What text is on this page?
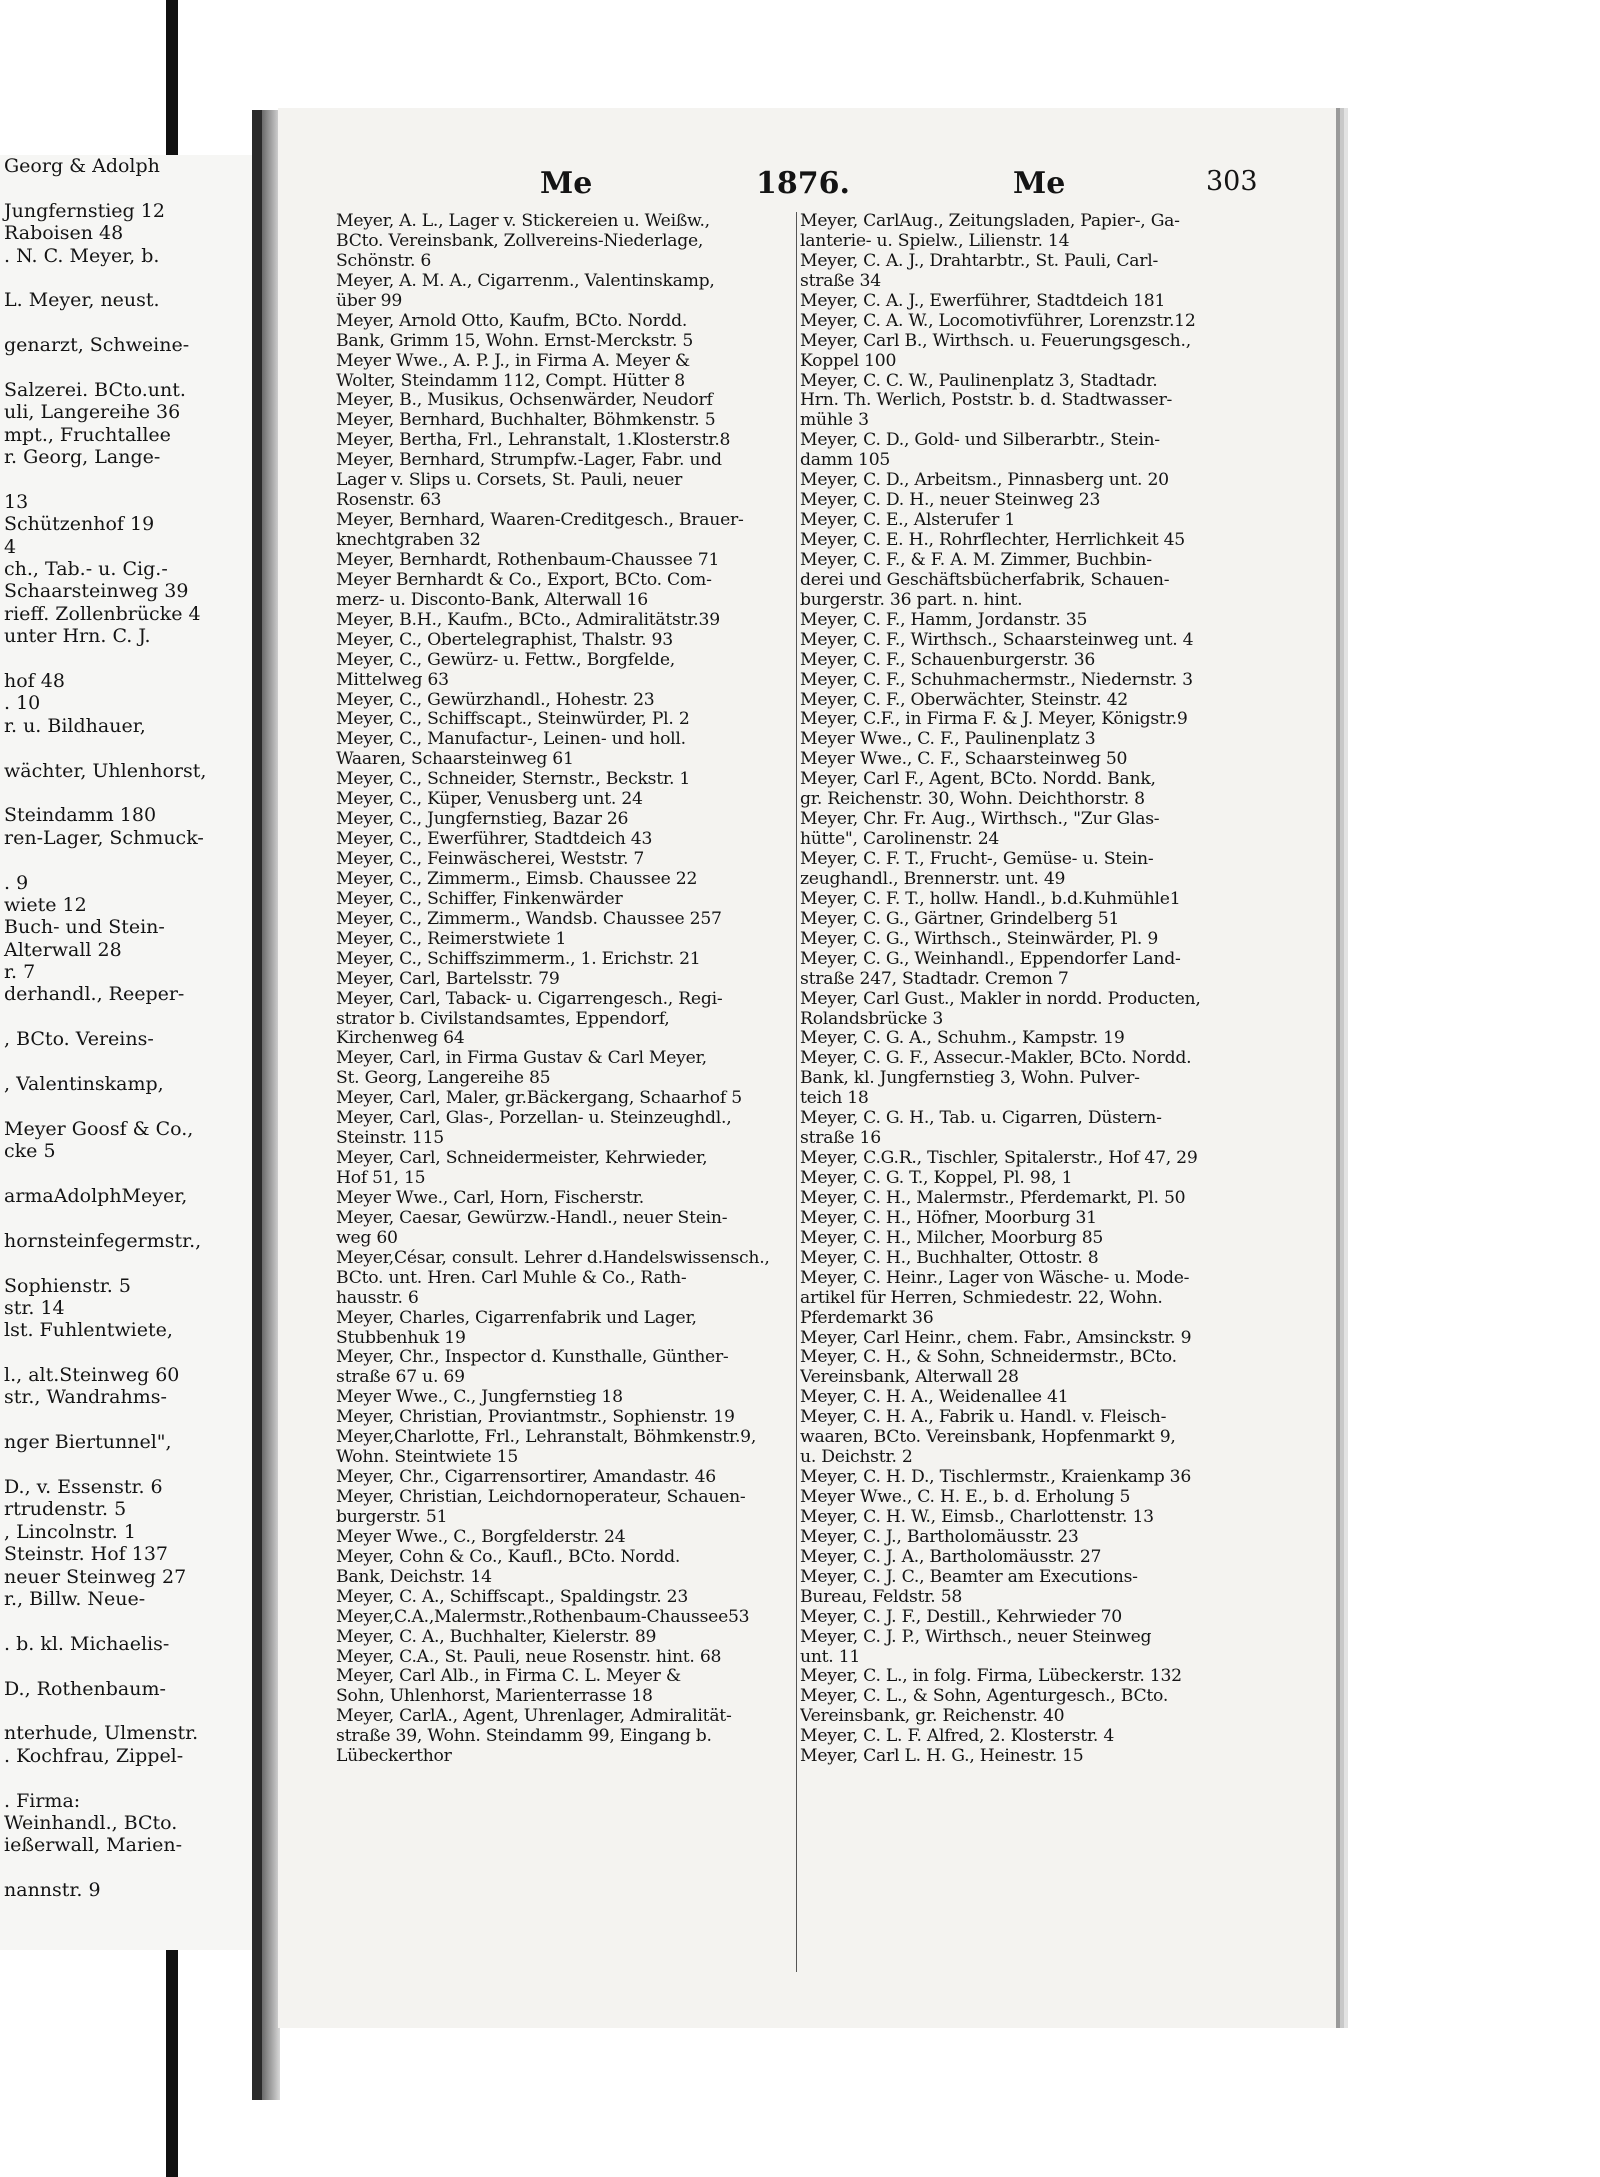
Georg & Adolph
Jungfernstieg 12
Raboisen 48
. N. C. Meyer, b.
L. Meyer, neust.
genarzt, Schweine-
Salzerei. BCto.unt.
uli, Langereihe 36
mpt., Fruchtallee
r. Georg, Lange-
13
Schützenhof 19
4
ch., Tab.- u. Cig.-
Schaarsteinweg 39
rieff. Zollenbrücke 4
unter Hrn. C. J.
hof 48
. 10
r. u. Bildhauer,
wächter, Uhlenhorst,
Steindamm 180
ren-Lager, Schmuck-
. 9
wiete 12
Buch- und Stein-
Alterwall 28
r. 7
derhandl., Reeper-
, BCto. Vereins-
, Valentinskamp,
Meyer Goosf & Co.,
cke 5
armaAdolphMeyer,
hornsteinfegermstr.,
Sophienstr. 5
str. 14
lst. Fuhlentwiete,
l., alt.Steinweg 60
str., Wandrahms-
nger Biertunnel",
D., v. Essenstr. 6
rtrudenstr. 5
, Lincolnstr. 1
Steinstr. Hof 137
neuer Steinweg 27
r., Billw. Neue-
. b. kl. Michaelis-
D., Rothenbaum-
nterhude, Ulmenstr.
. Kochfrau, Zippel-
. Firma:
Weinhandl., BCto.
ießerwall, Marien-
nannstr. 9
Me	1876.	Me	303
Meyer, A. L., Lager v. Stickereien u. Weißw.,
BCto. Vereinsbank, Zollvereins-Niederlage,
Schönstr. 6
Meyer, A. M. A., Cigarrenm., Valentinskamp,
über 99
Meyer, Arnold Otto, Kaufm, BCto. Nordd.
Bank, Grimm 15, Wohn. Ernst-Merckstr. 5
Meyer Wwe., A. P. J., in Firma A. Meyer &
Wolter, Steindamm 112, Compt. Hütter 8
Meyer, B., Musikus, Ochsenwärder, Neudorf
Meyer, Bernhard, Buchhalter, Böhmkenstr. 5
Meyer, Bertha, Frl., Lehranstalt, 1.Klosterstr.8
Meyer, Bernhard, Strumpfw.-Lager, Fabr. und
Lager v. Slips u. Corsets, St. Pauli, neuer
Rosenstr. 63
Meyer, Bernhard, Waaren-Creditgesch., Brauer-
knechtgraben 32
Meyer, Bernhardt, Rothenbaum-Chaussee 71
Meyer Bernhardt & Co., Export, BCto. Com-
merz- u. Disconto-Bank, Alterwall 16
Meyer, B.H., Kaufm., BCto., Admiralitätstr.39
Meyer, C., Obertelegraphist, Thalstr. 93
Meyer, C., Gewürz- u. Fettw., Borgfelde,
Mittelweg 63
Meyer, C., Gewürzhandl., Hohestr. 23
Meyer, C., Schiffscapt., Steinwürder, Pl. 2
Meyer, C., Manufactur-, Leinen- und holl.
Waaren, Schaarsteinweg 61
Meyer, C., Schneider, Sternstr., Beckstr. 1
Meyer, C., Küper, Venusberg unt. 24
Meyer, C., Jungfernstieg, Bazar 26
Meyer, C., Ewerführer, Stadtdeich 43
Meyer, C., Feinwäscherei, Weststr. 7
Meyer, C., Zimmerm., Eimsb. Chaussee 22
Meyer, C., Schiffer, Finkenwärder
Meyer, C., Zimmerm., Wandsb. Chaussee 257
Meyer, C., Reimerstwiete 1
Meyer, C., Schiffszimmerm., 1. Erichstr. 21
Meyer, Carl, Bartelsstr. 79
Meyer, Carl, Taback- u. Cigarrengesch., Regi-
strator b. Civilstandsamtes, Eppendorf,
Kirchenweg 64
Meyer, Carl, in Firma Gustav & Carl Meyer,
St. Georg, Langereihe 85
Meyer, Carl, Maler, gr.Bäckergang, Schaarhof 5
Meyer, Carl, Glas-, Porzellan- u. Steinzeughdl.,
Steinstr. 115
Meyer, Carl, Schneidermeister, Kehrwieder,
Hof 51, 15
Meyer Wwe., Carl, Horn, Fischerstr.
Meyer, Caesar, Gewürzw.-Handl., neuer Stein-
weg 60
Meyer,César, consult. Lehrer d.Handelswissensch.,
BCto. unt. Hren. Carl Muhle & Co., Rath-
hausstr. 6
Meyer, Charles, Cigarrenfabrik und Lager,
Stubbenhuk 19
Meyer, Chr., Inspector d. Kunsthalle, Günther-
straße 67 u. 69
Meyer Wwe., C., Jungfernstieg 18
Meyer, Christian, Proviantmstr., Sophienstr. 19
Meyer,Charlotte, Frl., Lehranstalt, Böhmkenstr.9,
Wohn. Steintwiete 15
Meyer, Chr., Cigarrensortirer, Amandastr. 46
Meyer, Christian, Leichdornoperateur, Schauen-
burgerstr. 51
Meyer Wwe., C., Borgfelderstr. 24
Meyer, Cohn & Co., Kaufl., BCto. Nordd.
Bank, Deichstr. 14
Meyer, C. A., Schiffscapt., Spaldingstr. 23
Meyer,C.A.,Malermstr.,Rothenbaum-Chaussee53
Meyer, C. A., Buchhalter, Kielerstr. 89
Meyer, C.A., St. Pauli, neue Rosenstr. hint. 68
Meyer, Carl Alb., in Firma C. L. Meyer &
Sohn, Uhlenhorst, Marienterrasse 18
Meyer, CarlA., Agent, Uhrenlager, Admiralität-
straße 39, Wohn. Steindamm 99, Eingang b.
Lübeckerthor
Meyer, CarlAug., Zeitungsladen, Papier-, Ga-
lanterie- u. Spielw., Lilienstr. 14
Meyer, C. A. J., Drahtarbtr., St. Pauli, Carl-
straße 34
Meyer, C. A. J., Ewerführer, Stadtdeich 181
Meyer, C. A. W., Locomotivführer, Lorenzstr.12
Meyer, Carl B., Wirthsch. u. Feuerungsgesch.,
Koppel 100
Meyer, C. C. W., Paulinenplatz 3, Stadtadr.
Hrn. Th. Werlich, Poststr. b. d. Stadtwasser-
mühle 3
Meyer, C. D., Gold- und Silberarbtr., Stein-
damm 105
Meyer, C. D., Arbeitsm., Pinnasberg unt. 20
Meyer, C. D. H., neuer Steinweg 23
Meyer, C. E., Alsterufer 1
Meyer, C. E. H., Rohrflechter, Herrlichkeit 45
Meyer, C. F., & F. A. M. Zimmer, Buchbin-
derei und Geschäftsbücherfabrik, Schauen-
burgerstr. 36 part. n. hint.
Meyer, C. F., Hamm, Jordanstr. 35
Meyer, C. F., Wirthsch., Schaarsteinweg unt. 4
Meyer, C. F., Schauenburgerstr. 36
Meyer, C. F., Schuhmachermstr., Niedernstr. 3
Meyer, C. F., Oberwächter, Steinstr. 42
Meyer, C.F., in Firma F. & J. Meyer, Königstr.9
Meyer Wwe., C. F., Paulinenplatz 3
Meyer Wwe., C. F., Schaarsteinweg 50
Meyer, Carl F., Agent, BCto. Nordd. Bank,
gr. Reichenstr. 30, Wohn. Deichthorstr. 8
Meyer, Chr. Fr. Aug., Wirthsch., "Zur Glas-
hütte", Carolinenstr. 24
Meyer, C. F. T., Frucht-, Gemüse- u. Stein-
zeughandl., Brennerstr. unt. 49
Meyer, C. F. T., hollw. Handl., b.d.Kuhmühle1
Meyer, C. G., Gärtner, Grindelberg 51
Meyer, C. G., Wirthsch., Steinwärder, Pl. 9
Meyer, C. G., Weinhandl., Eppendorfer Land-
straße 247, Stadtadr. Cremon 7
Meyer, Carl Gust., Makler in nordd. Producten,
Rolandsbrücke 3
Meyer, C. G. A., Schuhm., Kampstr. 19
Meyer, C. G. F., Assecur.-Makler, BCto. Nordd.
Bank, kl. Jungfernstieg 3, Wohn. Pulver-
teich 18
Meyer, C. G. H., Tab. u. Cigarren, Düstern-
straße 16
Meyer, C.G.R., Tischler, Spitalerstr., Hof 47, 29
Meyer, C. G. T., Koppel, Pl. 98, 1
Meyer, C. H., Malermstr., Pferdemarkt, Pl. 50
Meyer, C. H., Höfner, Moorburg 31
Meyer, C. H., Milcher, Moorburg 85
Meyer, C. H., Buchhalter, Ottostr. 8
Meyer, C. Heinr., Lager von Wäsche- u. Mode-
artikel für Herren, Schmiedestr. 22, Wohn.
Pferdemarkt 36
Meyer, Carl Heinr., chem. Fabr., Amsinckstr. 9
Meyer, C. H., & Sohn, Schneidermstr., BCto.
Vereinsbank, Alterwall 28
Meyer, C. H. A., Weidenallee 41
Meyer, C. H. A., Fabrik u. Handl. v. Fleisch-
waaren, BCto. Vereinsbank, Hopfenmarkt 9,
u. Deichstr. 2
Meyer, C. H. D., Tischlermstr., Kraienkamp 36
Meyer Wwe., C. H. E., b. d. Erholung 5
Meyer, C. H. W., Eimsb., Charlottenstr. 13
Meyer, C. J., Bartholomäusstr. 23
Meyer, C. J. A., Bartholomäusstr. 27
Meyer, C. J. C., Beamter am Executions-
Bureau, Feldstr. 58
Meyer, C. J. F., Destill., Kehrwieder 70
Meyer, C. J. P., Wirthsch., neuer Steinweg
unt. 11
Meyer, C. L., in folg. Firma, Lübeckerstr. 132
Meyer, C. L., & Sohn, Agenturgesch., BCto.
Vereinsbank, gr. Reichenstr. 40
Meyer, C. L. F. Alfred, 2. Klosterstr. 4
Meyer, Carl L. H. G., Heinestr. 15
